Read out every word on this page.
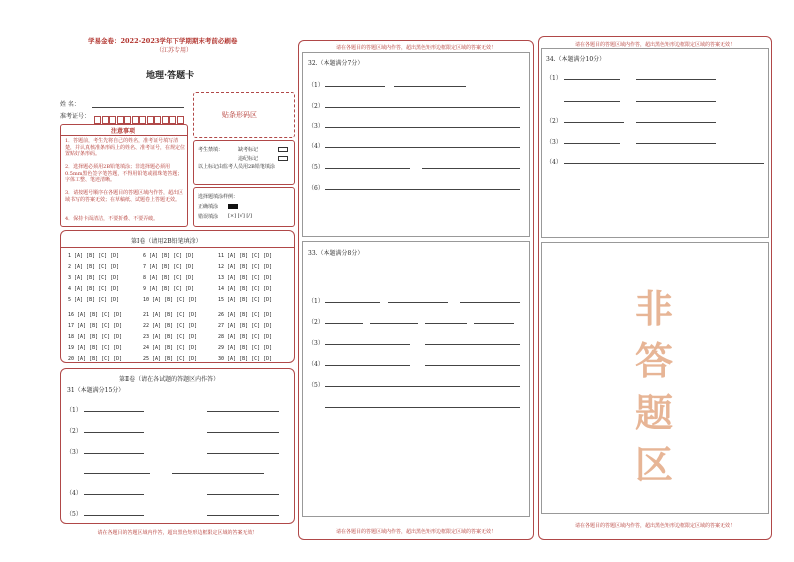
学易金卷：2022-2023学年下学期期末考前必刷卷
（江苏专用）
地理·答题卡
姓 名：
准考证号：	贴条形码区
注意事项
1．答题前，考生先将自己的姓名，准考证号填写清楚，并认真核准条形码上的姓名、准考证号，在规定位置贴好条形码。
2．选择题必须用2B铅笔填涂；非选择题必须用0.5mm黑色签字笔答题，不得用铅笔或圆珠笔答题；字体工整、笔迹清晰。
3．请按题号顺序在各题目的答题区域内作答，超出区域书写的答案无效；在草稿纸、试题卷上答题无效。
4．保持卡面清洁，不要折叠、不要弄破。
考生禁填：	缺考标记
违纪标记
以上标记由监考人员用2B铅笔填涂
选择题填涂样例：
正确填涂
错误填涂 [×] [√] [/]
第Ⅰ卷（请用2B铅笔填涂）
1 [A] [B] [C] [D]	6 [A] [B] [C] [D]	11 [A] [B] [C] [D]
2 [A] [B] [C] [D]	7 [A] [B] [C] [D]	12 [A] [B] [C] [D]
3 [A] [B] [C] [D]	8 [A] [B] [C] [D]	13 [A] [B] [C] [D]
4 [A] [B] [C] [D]	9 [A] [B] [C] [D]	14 [A] [B] [C] [D]
5 [A] [B] [C] [D]	10 [A] [B] [C] [D]	15 [A] [B] [C] [D]
16 [A] [B] [C] [D]	21 [A] [B] [C] [D]	26 [A] [B] [C] [D]
17 [A] [B] [C] [D]	22 [A] [B] [C] [D]	27 [A] [B] [C] [D]
18 [A] [B] [C] [D]	23 [A] [B] [C] [D]	28 [A] [B] [C] [D]
19 [A] [B] [C] [D]	24 [A] [B] [C] [D]	29 [A] [B] [C] [D]
20 [A] [B] [C] [D]	25 [A] [B] [C] [D]	30 [A] [B] [C] [D]
第Ⅱ卷（请在各试题的答题区内作答）
31（本题满分15分）
（1）
（2）
（3）
（4）
（5）
请在各题目的答题区域内作答，超出黑色矩形边框限定区域的答案无效！
请在各题目的答题区域内作答，超出黑色矩形边框限定区域的答案无效！
32.（本题满分7分）
（1）
（2）
（3）
（4）
（5）
（6）
33.（本题满分8分）
（1）
（2）
（3）
（4）
（5）
请在各题目的答题区域内作答，超出黑色矩形边框限定区域的答案无效！
请在各题目的答题区域内作答，超出黑色矩形边框限定区域的答案无效！
34.（本题满分10分）
（1）
（2）
（3）
（4）
非
答
题
区
请在各题目的答题区域内作答，超出黑色矩形边框限定区域的答案无效！
